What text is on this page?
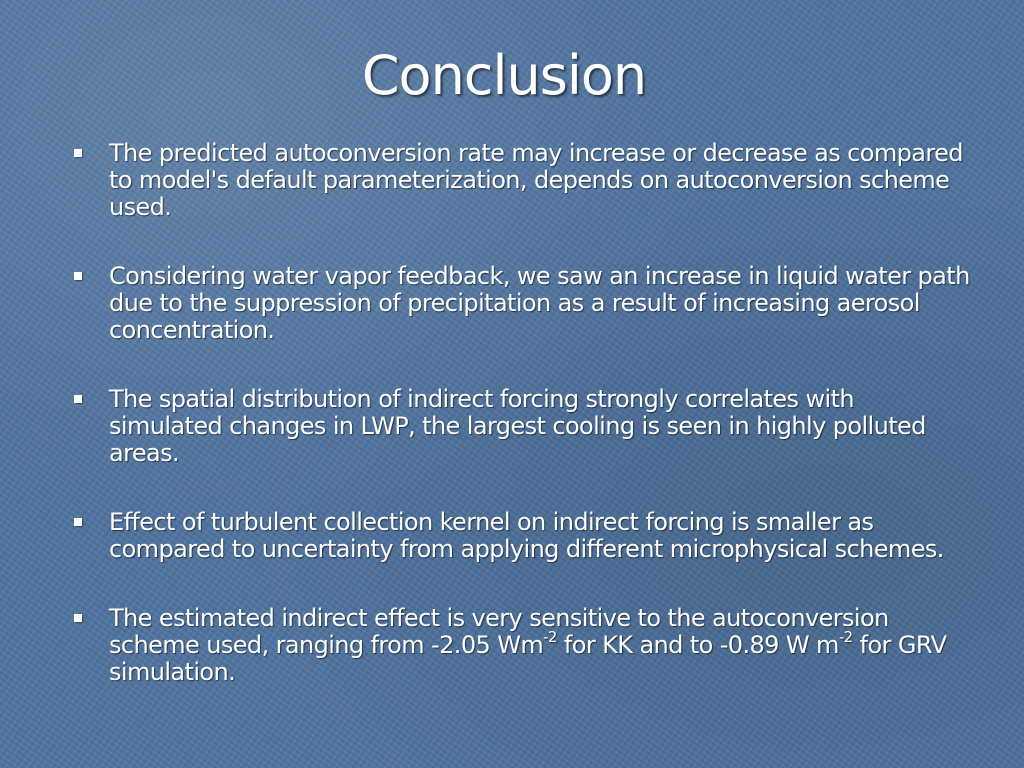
Conclusion
The predicted autoconversion rate may increase or decrease as compared to model's default parameterization, depends on autoconversion scheme used.
Considering water vapor feedback, we saw an increase in liquid water path due to the suppression of precipitation as a result of increasing aerosol concentration.
The spatial distribution of indirect forcing strongly correlates with simulated changes in LWP, the largest cooling is seen in highly polluted areas.
Effect of turbulent collection kernel on indirect forcing is smaller as compared to uncertainty from applying different microphysical schemes.
The estimated indirect effect is very sensitive to the autoconversion scheme used, ranging from -2.05 $Wm^{-2}$ for KK and to -0.89 W $m^{-2}$ for GRV simulation.
